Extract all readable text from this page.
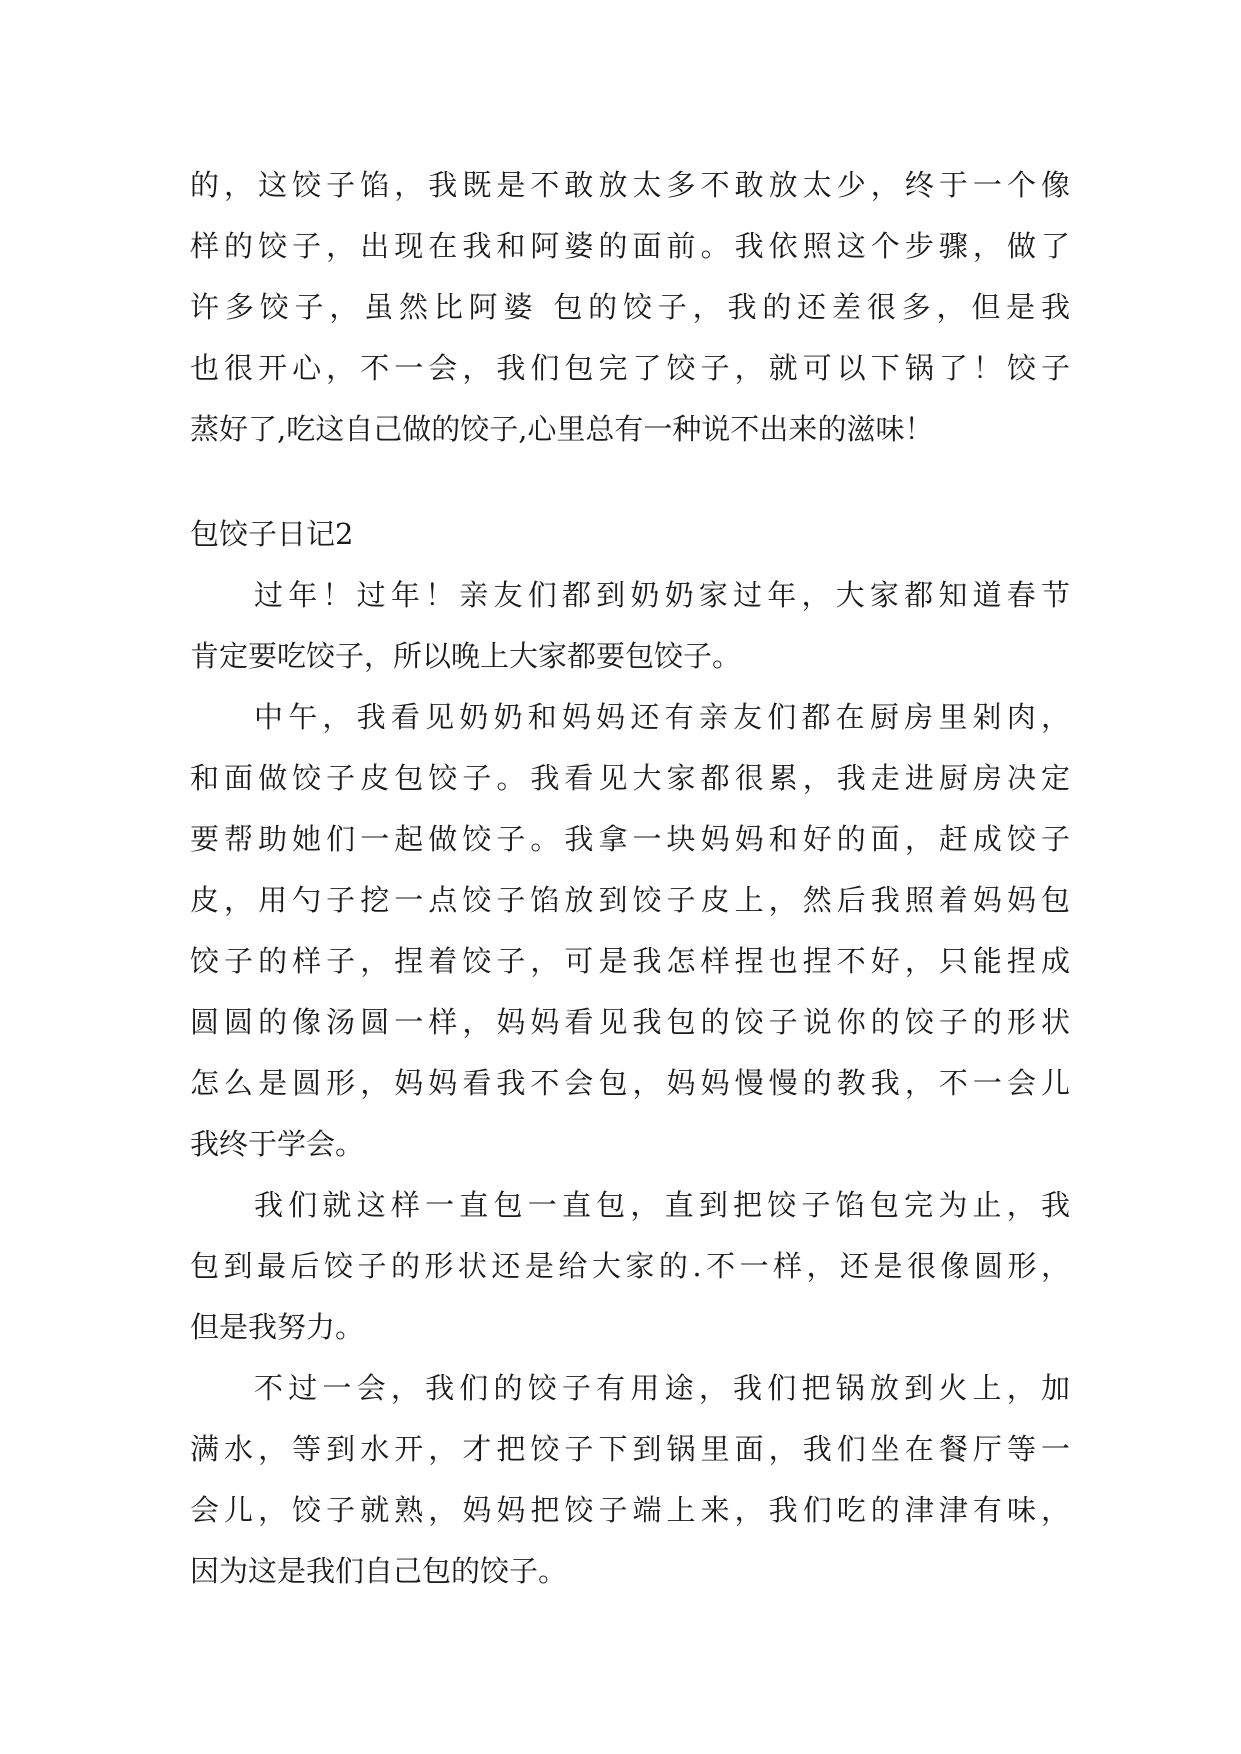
的，这饺子馅，我既是不敢放太多不敢放太少，终于一个像
样的饺子，出现在我和阿婆的面前。我依照这个步骤，做了
许多饺子，虽然比阿婆 包的饺子，我的还差很多，但是我
也很开心，不一会，我们包完了饺子，就可以下锅了！饺子
蒸好了,吃这自己做的饺子,心里总有一种说不出来的滋味！
包饺子日记2
过年！过年！亲友们都到奶奶家过年，大家都知道春节
肯定要吃饺子，所以晚上大家都要包饺子。
中午，我看见奶奶和妈妈还有亲友们都在厨房里剁肉，
和面做饺子皮包饺子。我看见大家都很累，我走进厨房决定
要帮助她们一起做饺子。我拿一块妈妈和好的面，赶成饺子
皮，用勺子挖一点饺子馅放到饺子皮上，然后我照着妈妈包
饺子的样子，捏着饺子，可是我怎样捏也捏不好，只能捏成
圆圆的像汤圆一样，妈妈看见我包的饺子说你的饺子的形状
怎么是圆形，妈妈看我不会包，妈妈慢慢的教我，不一会儿
我终于学会。
我们就这样一直包一直包，直到把饺子馅包完为止，我
包到最后饺子的形状还是给大家的.不一样，还是很像圆形，
但是我努力。
不过一会，我们的饺子有用途，我们把锅放到火上，加
满水，等到水开，才把饺子下到锅里面，我们坐在餐厅等一
会儿，饺子就熟，妈妈把饺子端上来，我们吃的津津有味，
因为这是我们自己包的饺子。
